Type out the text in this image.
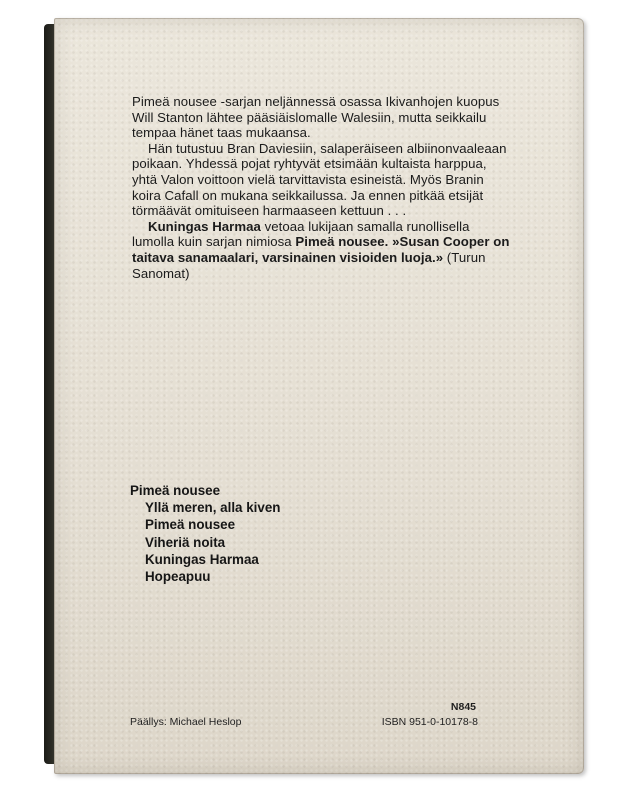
Pimeä nousee -sarjan neljännessä osassa Ikivanhojen kuopus Will Stanton lähtee pääsiäislomalle Walesiin, mutta seikkailu tempaa hänet taas mukaansa.

Hän tutustuu Bran Daviesiin, salaperäiseen albiinonvaaleaan poikaan. Yhdessä pojat ryhtyvät etsimään kultaista harppua, yhtä Valon voittoon vielä tarvittavista esineistä. Myös Branin koira Cafall on mukana seikkailussa. Ja ennen pitkää etsijät törmäävät omituiseen harmaaseen kettuun . . .

Kuningas Harmaa vetoaa lukijaan samalla runollisella lumolla kuin sarjan nimiosa Pimeä nousee. »Susan Cooper on taitava sanamaalari, varsinainen visioiden luoja.» (Turun Sanomat)

Pimeä nousee
Yllä meren, alla kiven
Pimeä nousee
Viheriä noita
Kuningas Harmaa
Hopeapuu
N845
ISBN 951-0-10178-8
Päällys: Michael Heslop
